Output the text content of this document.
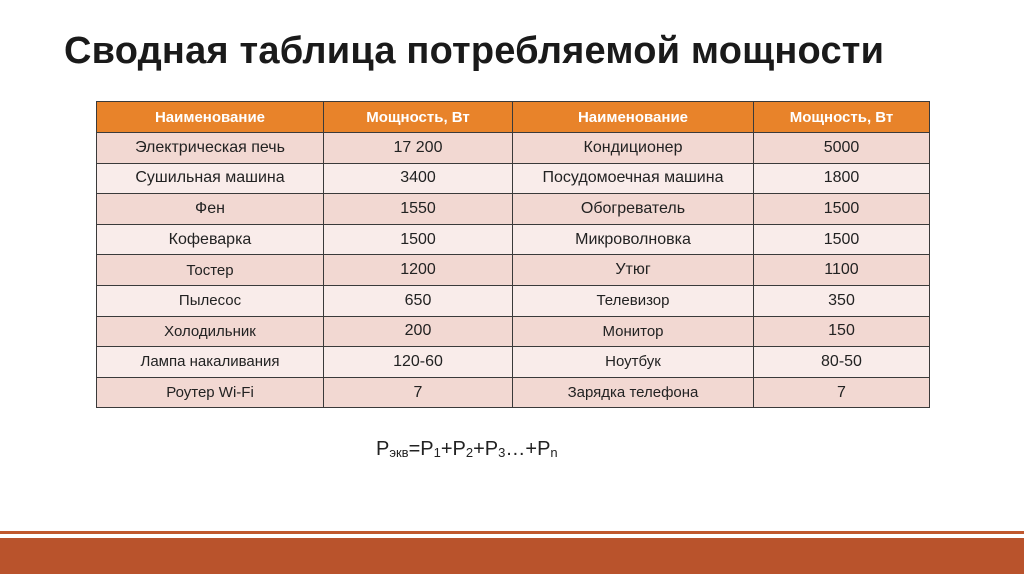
Сводная таблица потребляемой мощности
Наименование	Мощность, Вт	Наименование	Мощность, Вт
Электрическая печь	17 200	Кондиционер	5000
Сушильная машина	3400	Посудомоечная машина	1800
Фен	1550	Обогреватель	1500
Кофеварка	1500	Микроволновка	1500
Тостер	1200	Утюг	1100
Пылесос	650	Телевизор	350
Холодильник	200	Монитор	150
Лампа накаливания	120-60	Ноутбук	80-50
Роутер Wi-Fi	7	Зарядка телефона	7
$P_{экв}=P_1+P_2+P_3\dots+P_n$
